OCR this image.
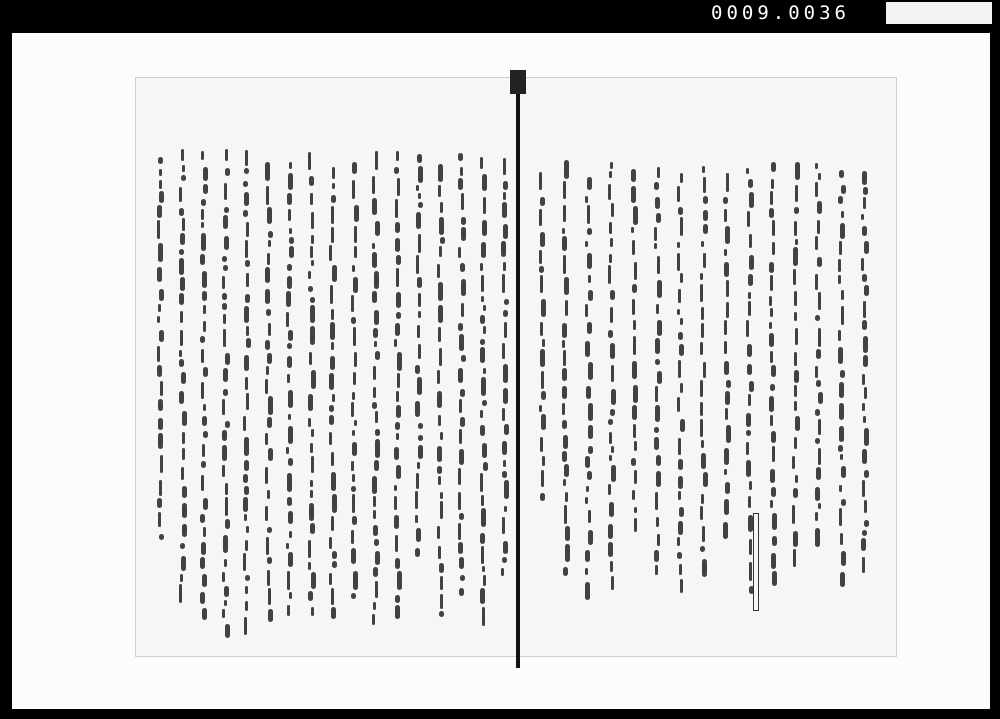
0009.0036
